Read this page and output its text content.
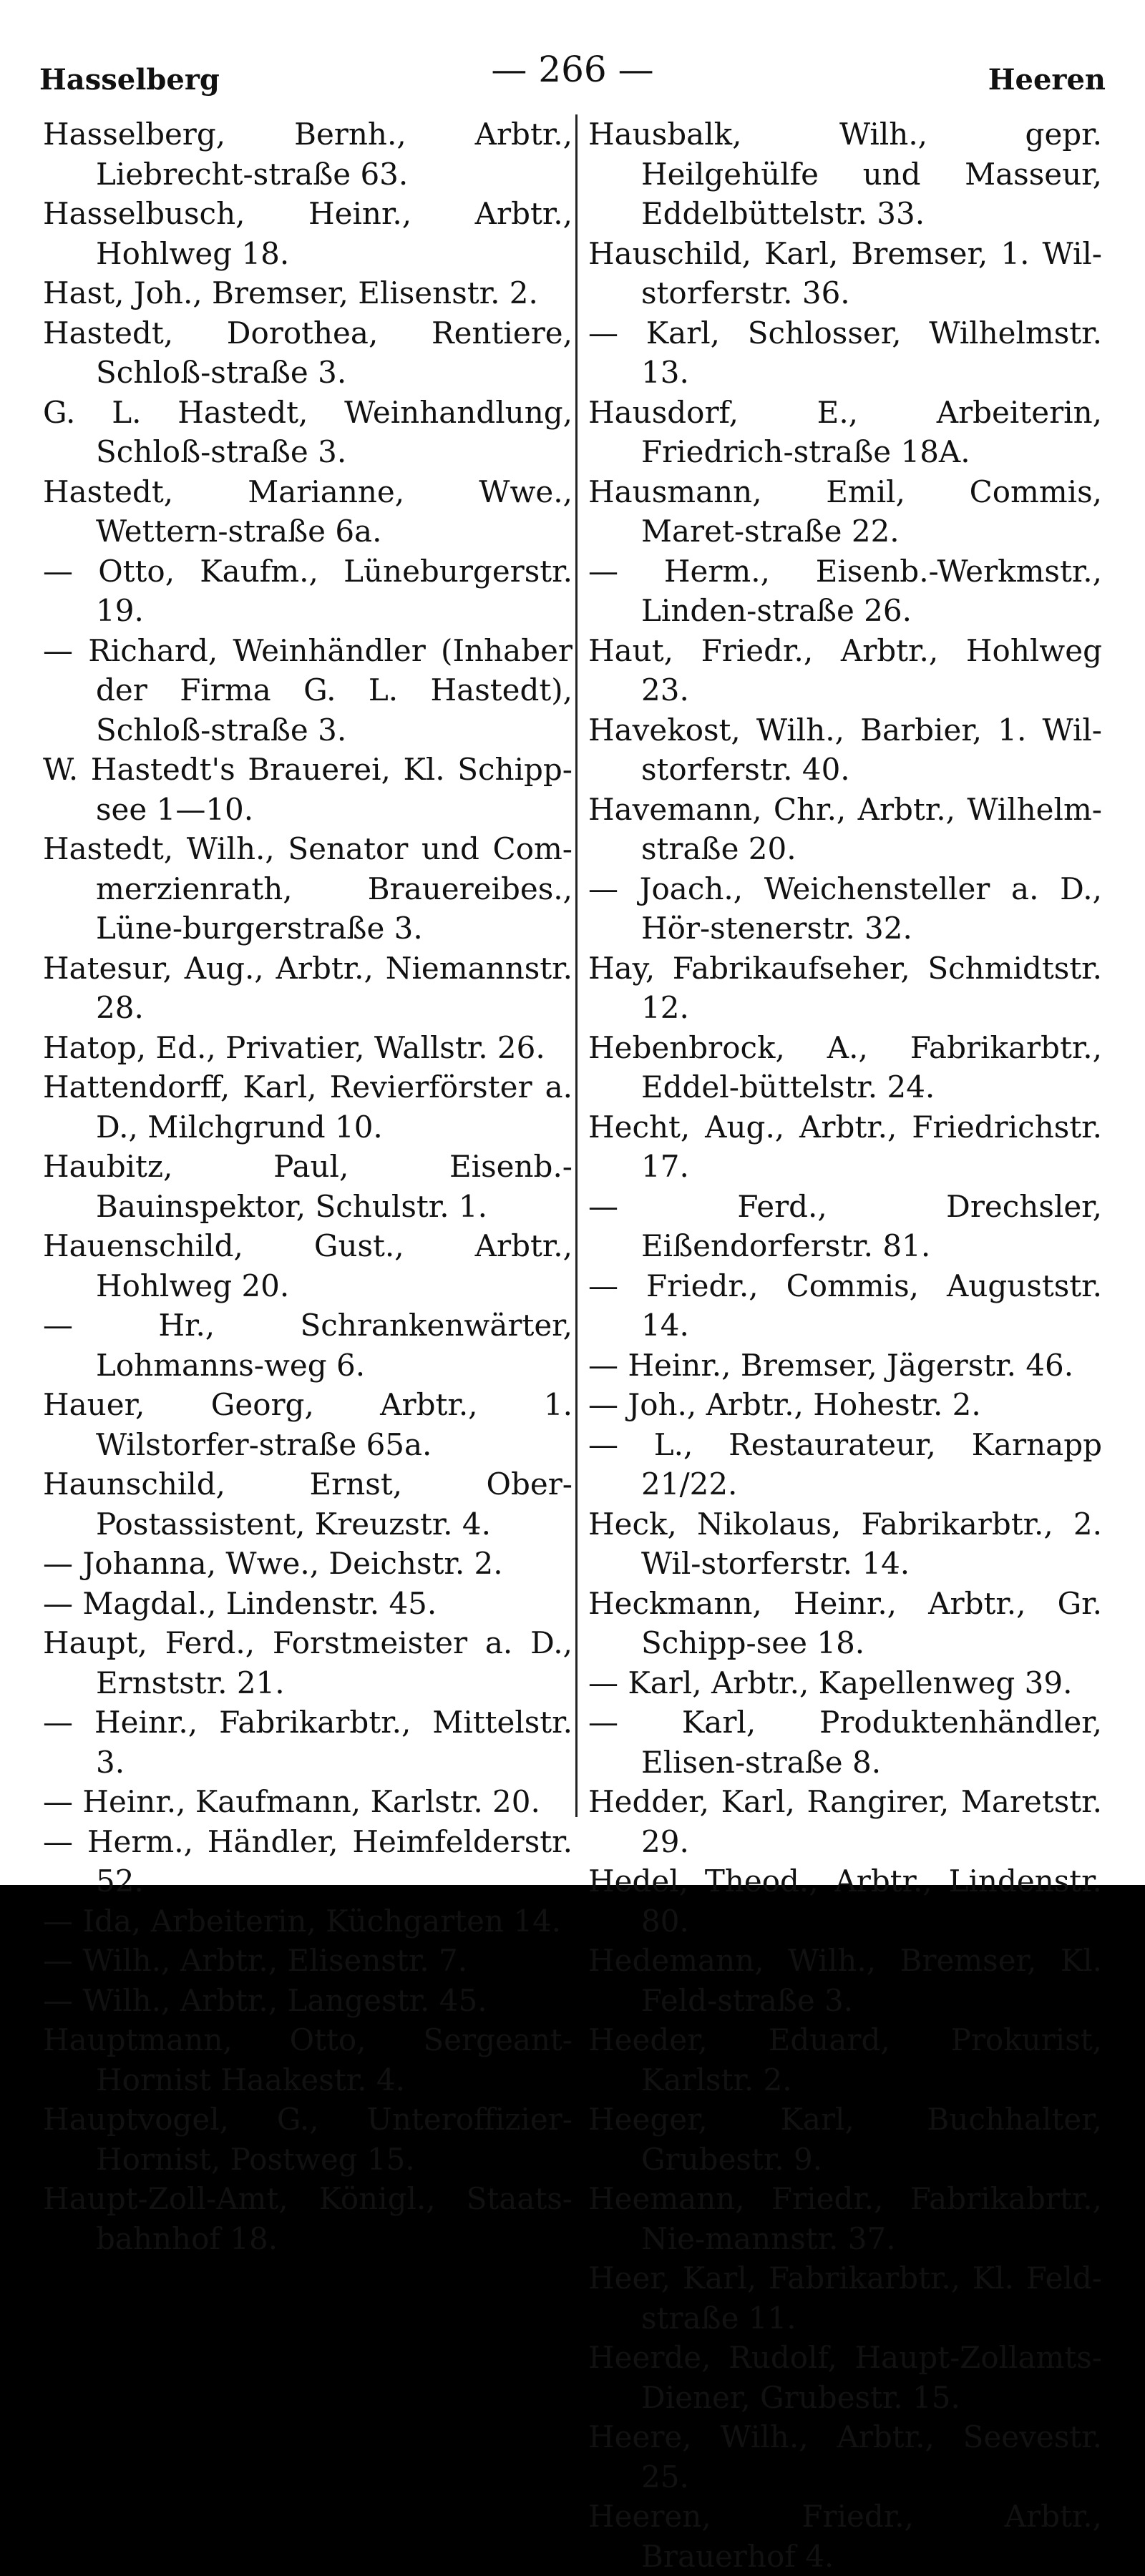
Hasselberg	— 266 —	Heeren

Hasselberg, Bernh., Arbtr., Liebrecht-straße 63.

Hasselbusch, Heinr., Arbtr., Hohlweg 18.

Hast, Joh., Bremser, Elisenstr. 2.

Hastedt, Dorothea, Rentiere, Schloß-straße 3.

G. L. Hastedt, Weinhandlung, Schloß-straße 3.

Hastedt, Marianne, Wwe., Wettern-straße 6a.

— Otto, Kaufm., Lüneburgerstr. 19.

— Richard, Weinhändler (Inhaber der Firma G. L. Hastedt), Schloß-straße 3.

W. Hastedt's Brauerei, Kl. Schipp-see 1—10.

Hastedt, Wilh., Senator und Com-merzienrath, Brauereibes., Lüne-burgerstraße 3.

Hatesur, Aug., Arbtr., Niemannstr. 28.

Hatop, Ed., Privatier, Wallstr. 26.

Hattendorff, Karl, Revierförster a. D., Milchgrund 10.

Haubitz, Paul, Eisenb.-Bauinspektor, Schulstr. 1.

Hauenschild, Gust., Arbtr., Hohlweg 20.

— Hr., Schrankenwärter, Lohmanns-weg 6.

Hauer, Georg, Arbtr., 1. Wilstorfer-straße 65a.

Haunschild, Ernst, Ober-Postassistent, Kreuzstr. 4.

— Johanna, Wwe., Deichstr. 2.

— Magdal., Lindenstr. 45.

Haupt, Ferd., Forstmeister a. D., Ernststr. 21.

— Heinr., Fabrikarbtr., Mittelstr. 3.

— Heinr., Kaufmann, Karlstr. 20.

— Herm., Händler, Heimfelderstr. 52.

— Ida, Arbeiterin, Küchgarten 14.

— Wilh., Arbtr., Elisenstr. 7.

— Wilh., Arbtr., Langestr. 45.

Hauptmann, Otto, Sergeant-Hornist Haakestr. 4.

Hauptvogel, G., Unteroffizier-Hornist, Postweg 15.

Haupt-Zoll-Amt, Königl., Staats-bahnhof 18.

Hausbalk, Wilh., gepr. Heilgehülfe und Masseur, Eddelbüttelstr. 33.

Hauschild, Karl, Bremser, 1. Wil-storferstr. 36.

— Karl, Schlosser, Wilhelmstr. 13.

Hausdorf, E., Arbeiterin, Friedrich-straße 18A.

Hausmann, Emil, Commis, Maret-straße 22.

— Herm., Eisenb.-Werkmstr., Linden-straße 26.

Haut, Friedr., Arbtr., Hohlweg 23.

Havekost, Wilh., Barbier, 1. Wil-storferstr. 40.

Havemann, Chr., Arbtr., Wilhelm-straße 20.

— Joach., Weichensteller a. D., Hör-stenerstr. 32.

Hay, Fabrikaufseher, Schmidtstr. 12.

Hebenbrock, A., Fabrikarbtr., Eddel-büttelstr. 24.

Hecht, Aug., Arbtr., Friedrichstr. 17.

— Ferd., Drechsler, Eißendorferstr. 81.

— Friedr., Commis, Auguststr. 14.

— Heinr., Bremser, Jägerstr. 46.

— Joh., Arbtr., Hohestr. 2.

— L., Restaurateur, Karnapp 21/22.

Heck, Nikolaus, Fabrikarbtr., 2. Wil-storferstr. 14.

Heckmann, Heinr., Arbtr., Gr. Schipp-see 18.

— Karl, Arbtr., Kapellenweg 39.

— Karl, Produktenhändler, Elisen-straße 8.

Hedder, Karl, Rangirer, Maretstr. 29.

Hedel, Theod., Arbtr., Lindenstr. 80.

Hedemann, Wilh., Bremser, Kl. Feld-straße 3.

Heeder, Eduard, Prokurist, Karlstr. 2.

Heeger, Karl, Buchhalter, Grubestr. 9.

Heemann, Friedr., Fabrikabrtr., Nie-mannstr. 37.

Heer, Karl, Fabrikarbtr., Kl. Feld-straße 11.

Heerde, Rudolf, Haupt-Zollamts-Diener, Grubestr. 15.

Heere, Wilh., Arbtr., Seevestr. 25.

Heeren, Friedr., Arbtr., Brauerhof 4.
